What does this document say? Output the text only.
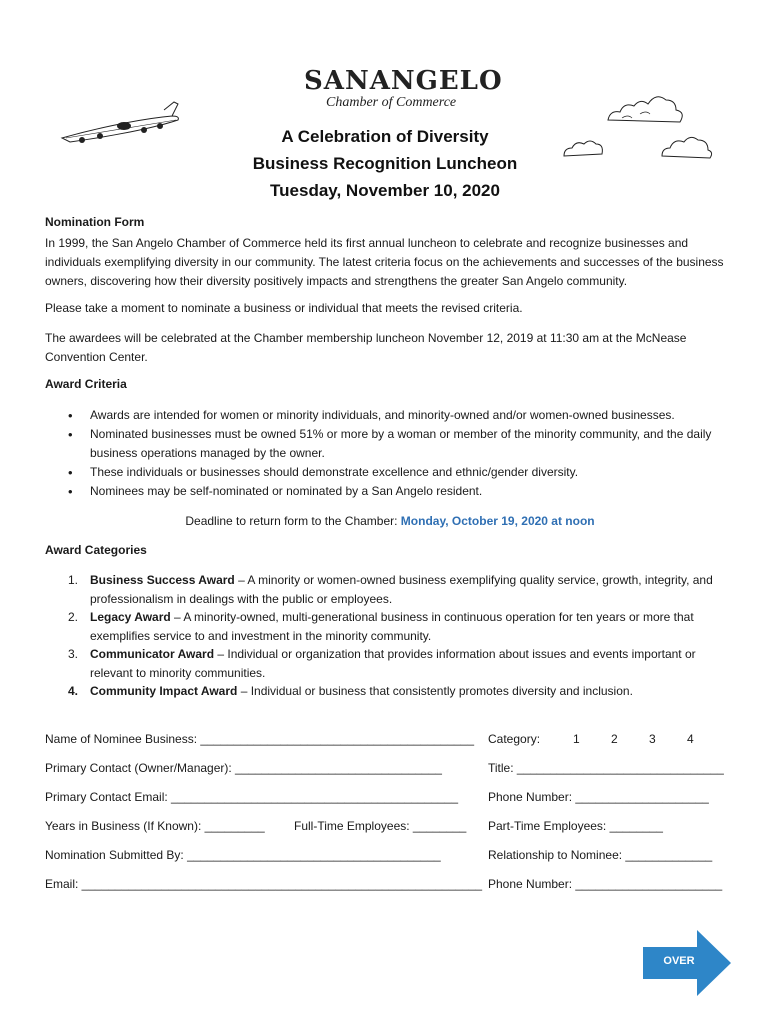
SANANGELO
Chamber of Commerce
A Celebration of Diversity
Business Recognition Luncheon
Tuesday, November 10, 2020
Nomination Form

In 1999, the San Angelo Chamber of Commerce held its first annual luncheon to celebrate and recognize businesses and individuals exemplifying diversity in our community. The latest criteria focus on the achievements and successes of the business owners, discovering how their diversity positively impacts and strengthens the greater San Angelo community.

Please take a moment to nominate a business or individual that meets the revised criteria.

The awardees will be celebrated at the Chamber membership luncheon November 12, 2019 at 11:30 am at the McNease Convention Center.

Award Criteria
• Awards are intended for women or minority individuals, and minority-owned and/or women-owned businesses.
• Nominated businesses must be owned 51% or more by a woman or member of the minority community, and the daily business operations managed by the owner.
• These individuals or businesses should demonstrate excellence and ethnic/gender diversity.
• Nominees may be self-nominated or nominated by a San Angelo resident.
Deadline to return form to the Chamber: Monday, October 19, 2020 at noon
Award Categories
1. Business Success Award – A minority or women-owned business exemplifying quality service, growth, integrity, and professionalism in dealings with the public or employees.
2. Legacy Award – A minority-owned, multi-generational business in continuous operation for ten years or more that exemplifies service to and investment in the minority community.
3. Communicator Award – Individual or organization that provides information about issues and events important or relevant to minority communities.
4. Community Impact Award – Individual or business that consistently promotes diversity and inclusion.
Name of Nominee Business: _________________________________________ Category:	1	2	3	4
Primary Contact (Owner/Manager): _______________________________	Title: _______________________________
Primary Contact Email: ___________________________________________ Phone Number: ____________________
Years in Business (If Known): _________ Full-Time Employees: ________ Part-Time Employees: ________
Nomination Submitted By: ______________________________________	Relationship to Nominee: _____________
Email: ____________________________________________________________ Phone Number: ______________________
OVER
